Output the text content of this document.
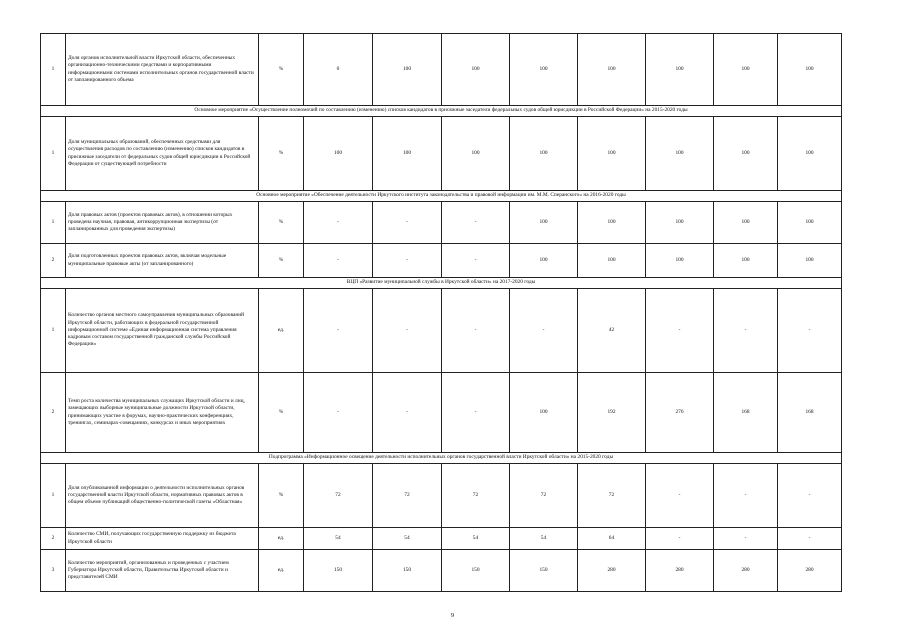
1	Доля органов исполнительной власти Иркутской области, обеспеченных организационно-техническими средствами и корпоративными информационными системами исполнительных органов государственной власти от запланированного объема	%	0	100	100	100	100	100	100	100
Основное мероприятие «Осуществление полномочий по составлению (изменению) списков кандидатов в присяжные заседатели федеральных судов общей юрисдикции в Российской Федерации» на 2015-2020 годы										
1	Доля муниципальных образований, обеспеченных средствами для осуществления расходов по составлению (изменению) списков кандидатов в присяжные заседатели от федеральных судов общей юрисдикции в Российской Федерации от существующей потребности	%	100	100	100	100	100	100	100	100
Основное мероприятие «Обеспечение деятельности Иркутского института законодательства и правовой информации им. М.М. Сперанского» на 2016-2020 годы										
1	Доля правовых актов (проектов правовых актов), в отношении которых проведена научная, правовая, антикоррупционная экспертизы (от запланированных для проведения экспертизы)	%	-	-	-	100	100	100	100	100
2	Доля подготовленных проектов правовых актов, включая модельные муниципальные правовые акты (от запланированного)	%	-	-	-	100	100	100	100	100
ВЦП «Развитие муниципальной службы в Иркутской области» на 2017-2020 годы										
1	Количество органов местного самоуправления муниципальных образований Иркутской области, работающих в федеральной государственной информационной системе «Единая информационная система управления кадровым составом государственной гражданской службы Российской Федерации»	ед.	-	-	-	-	42	-	-	-
2	Темп роста количества муниципальных служащих Иркутской области и лиц, замещающих выборные муниципальные должности Иркутской области, принимающих участие в форумах, научно-практических конференциях, тренингах, семинарах-совещаниях, конкурсах и иных мероприятиях	%	-	-	-	100	192	276	168	168
Подпрограмма «Информационное освещение деятельности исполнительных органов государственной власти Иркутской области» на 2015-2020 годы										
1	Доля опубликованной информации о деятельности исполнительных органов государственной власти Иркутской области, нормативных правовых актов в общем объеме публикаций общественно-политической газеты «Областная»	%	72	72	72	72	72	-	-	-
2	Количество СМИ, получающих государственную поддержку из бюджета Иркутской области	ед.	54	54	54	54	64	-	-	-
3	Количество мероприятий, организованных и проведенных с участием Губернатора Иркутской области, Правительства Иркутской области и представителей СМИ	ед.	150	150	150	150	280	280	280	280
9
